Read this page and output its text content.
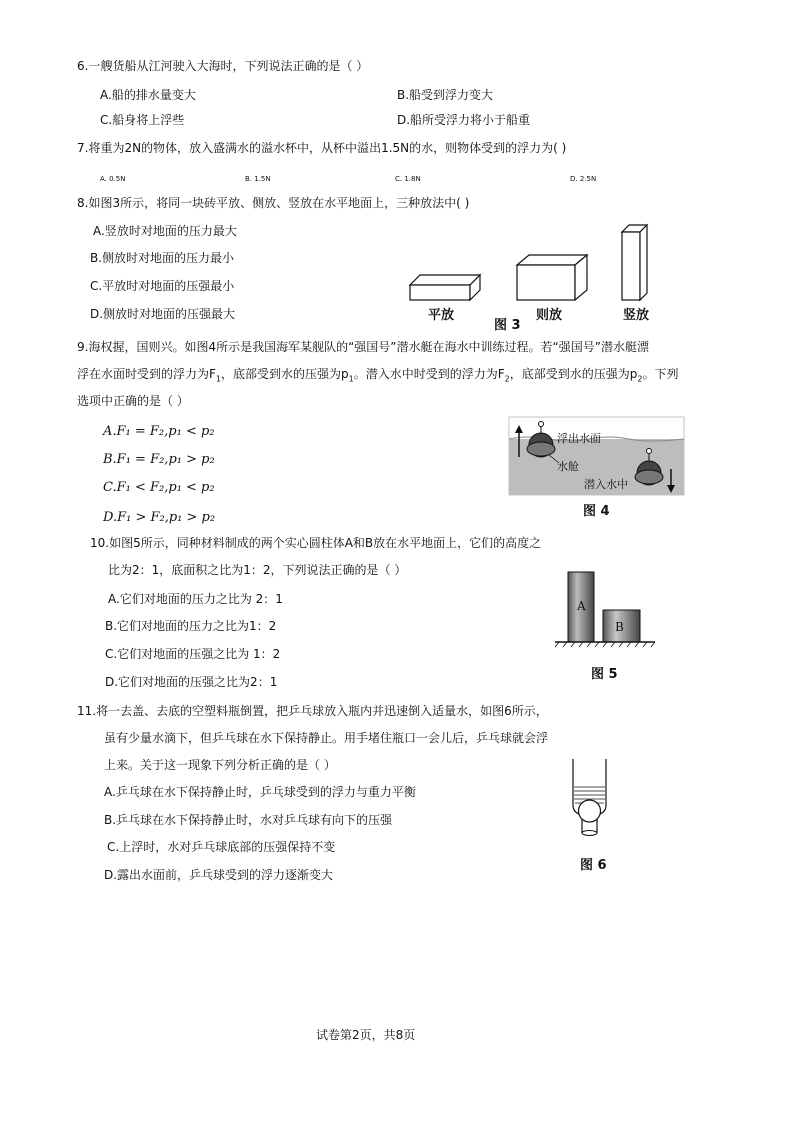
6.一艘货船从江河驶入大海时，下列说法正确的是（ ）
A.船的排水量变大	B.船受到浮力变大
C.船身将上浮些	D.船所受浮力将小于船重
7.将重为2N的物体，放入盛满水的溢水杯中，从杯中溢出1.5N的水，则物体受到的浮力为( )
A. 0.5N	B. 1.5N	C. 1.8N	D. 2.5N
8.如图3所示，将同一块砖平放、侧放、竖放在水平地面上，三种放法中( )
A.竖放时对地面的压力最大
B.侧放时对地面的压力最小
C.平放时对地面的压强最小
D.侧放时对地面的压强最大	平放
图 3
则放	竖放
9.海权握，国则兴。如图4所示是我国海军某舰队的“强国号”潜水艇在海水中训练过程。若“强国号”潜水艇漂
浮在水面时受到的浮力为$F_1$，底部受到水的压强为$p_1$。潜入水中时受到的浮力为$F_2$，底部受到水的压强为$p_2$。下列
选项中正确的是（ ）
A.F₁ = F₂,p₁ < p₂
B.F₁ = F₂,p₁ > p₂
C.F₁ < F₂,p₁ < p₂
D.F₁ > F₂,p₁ > p₂
浮出水面
水舱
潜入水中
图 4
10.如图5所示，同种材料制成的两个实心圆柱体A和B放在水平地面上，它们的高度之
比为2：1，底面积之比为1：2，下列说法正确的是（ ）
A.它们对地面的压力之比为 2：1
B.它们对地面的压力之比为1：2
C.它们对地面的压强之比为 1：2
D.它们对地面的压强之比为2：1
A
B
图 5
11.将一去盖、去底的空塑料瓶倒置，把乒乓球放入瓶内并迅速倒入适量水，如图6所示，
虽有少量水滴下，但乒乓球在水下保持静止。用手堵住瓶口一会儿后，乒乓球就会浮
上来。关于这一现象下列分析正确的是（ ）
A.乒乓球在水下保持静止时，乒乓球受到的浮力与重力平衡
B.乒乓球在水下保持静止时，水对乒乓球有向下的压强
C.上浮时，水对乒乓球底部的压强保持不变
D.露出水面前，乒乓球受到的浮力逐渐变大
图 6
试卷第2页，共8页
